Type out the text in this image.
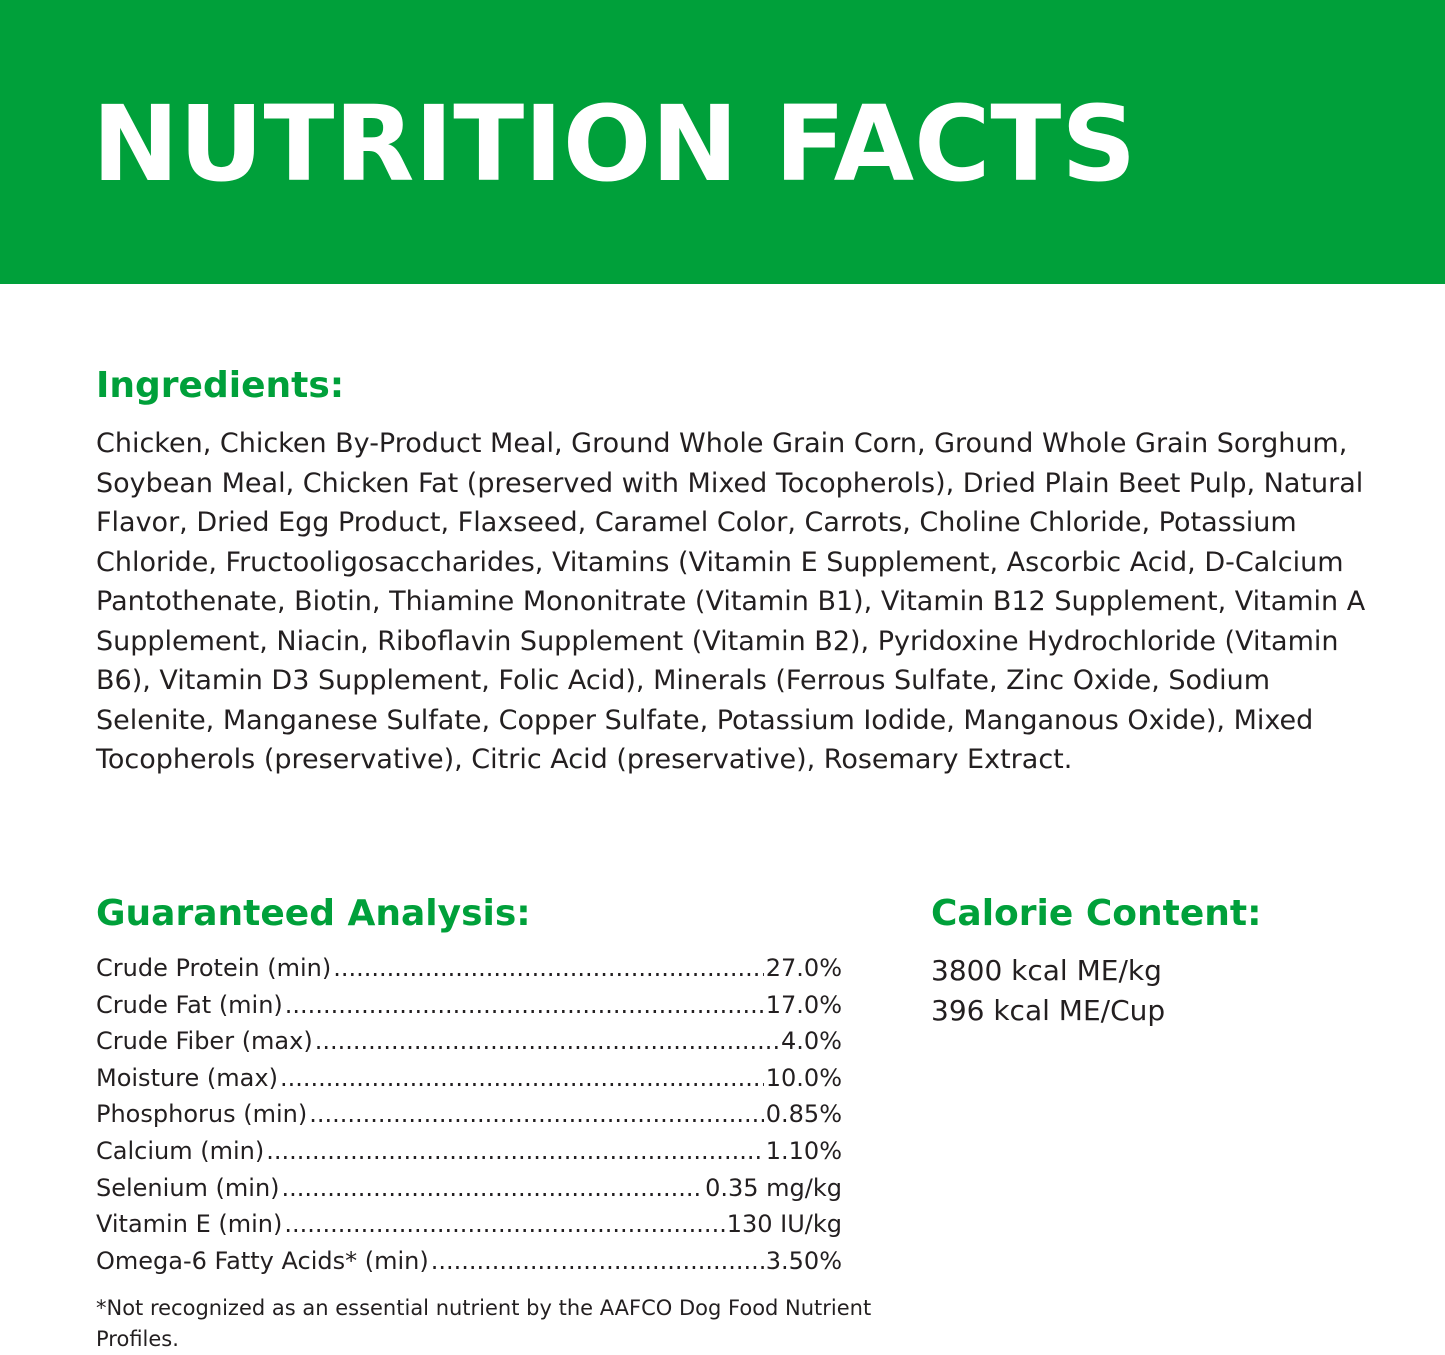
NUTRITION FACTS
Ingredients:

Chicken, Chicken By-Product Meal, Ground Whole Grain Corn, Ground Whole Grain Sorghum, Soybean Meal, Chicken Fat (preserved with Mixed Tocopherols), Dried Plain Beet Pulp, Natural Flavor, Dried Egg Product, Flaxseed, Caramel Color, Carrots, Choline Chloride, Potassium Chloride, Fructooligosaccharides, Vitamins (Vitamin E Supplement, Ascorbic Acid, D-Calcium Pantothenate, Biotin, Thiamine Mononitrate (Vitamin B1), Vitamin B12 Supplement, Vitamin A Supplement, Niacin, Riboflavin Supplement (Vitamin B2), Pyridoxine Hydrochloride (Vitamin B6), Vitamin D3 Supplement, Folic Acid), Minerals (Ferrous Sulfate, Zinc Oxide, Sodium Selenite, Manganese Sulfate, Copper Sulfate, Potassium Iodide, Manganous Oxide), Mixed Tocopherols (preservative), Citric Acid (preservative), Rosemary Extract.

Guaranteed Analysis:
Crude Protein (min) .....	27.0%
Crude Fat (min) .....	17.0%
Crude Fiber (max) .....	4.0%
Moisture (max) .....	10.0%
Phosphorus (min) .....	0.85%
Calcium (min) .....	1.10%
Selenium (min) .....	0.35 mg/kg
Vitamin E (min) .....	130 IU/kg
Omega-6 Fatty Acids* (min) .....	3.50%

*Not recognized as an essential nutrient by the AAFCO Dog Food Nutrient Profiles.

Calorie Content:
3800 kcal ME/kg
396 kcal ME/Cup
